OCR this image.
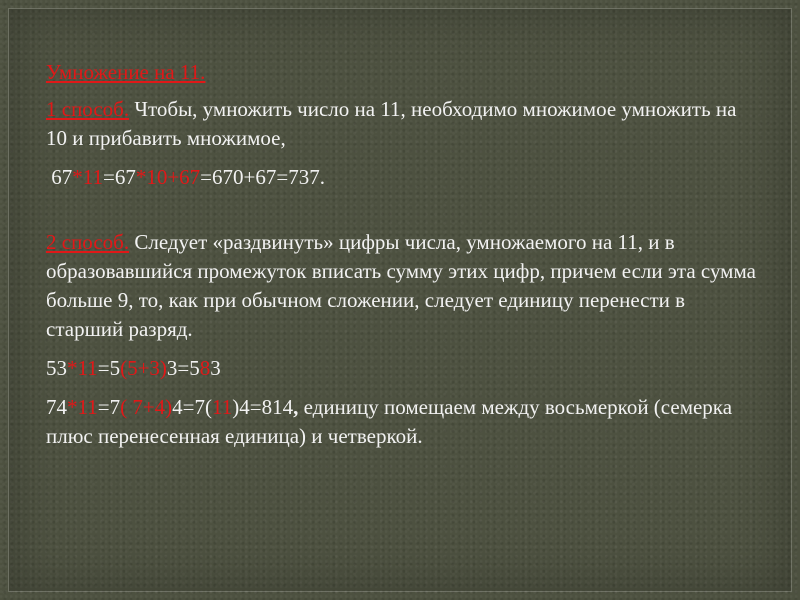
Умножение на 11.
1 способ. Чтобы, умножить число на 11, необходимо множимое умножить на 10 и прибавить множимое,
67*11=67*10+67=670+67=737.
2 способ. Следует «раздвинуть» цифры числа, умножаемого на 11, и в образовавшийся промежуток вписать сумму этих цифр, причем если эта сумма больше 9, то, как при обычном сложении, следует единицу перенести в старший разряд.
53*11=5(5+3)3=583
74*11=7( 7+4)4=7(11)4=814, единицу помещаем между восьмеркой (семерка плюс перенесенная единица) и четверкой.
